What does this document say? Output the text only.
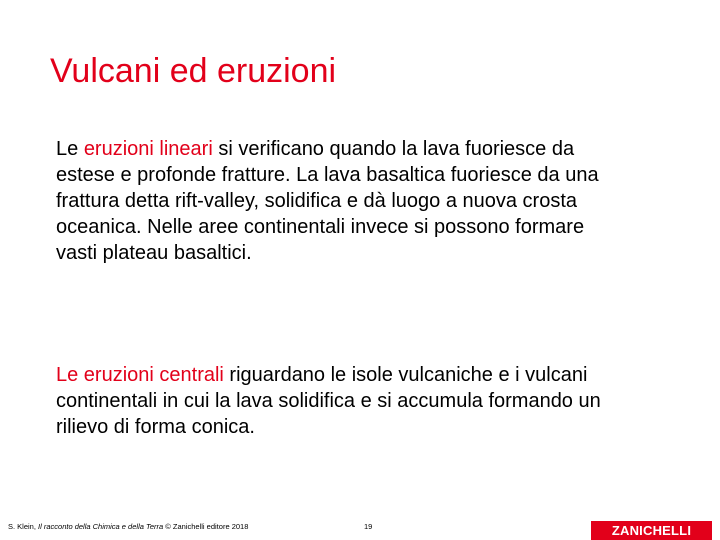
Vulcani ed eruzioni

Le eruzioni lineari si verificano quando la lava fuoriesce da estese e profonde fratture. La lava basaltica fuoriesce da una frattura detta rift-valley, solidifica e dà luogo a nuova crosta oceanica. Nelle aree continentali invece si possono formare vasti plateau basaltici.

Le eruzioni centrali riguardano le isole vulcaniche e i vulcani continentali in cui la lava solidifica e si accumula formando un rilievo di forma conica.

S. Klein, Il racconto della Chimica e della Terra © Zanichelli editore 2018	19	ZANICHELLI
